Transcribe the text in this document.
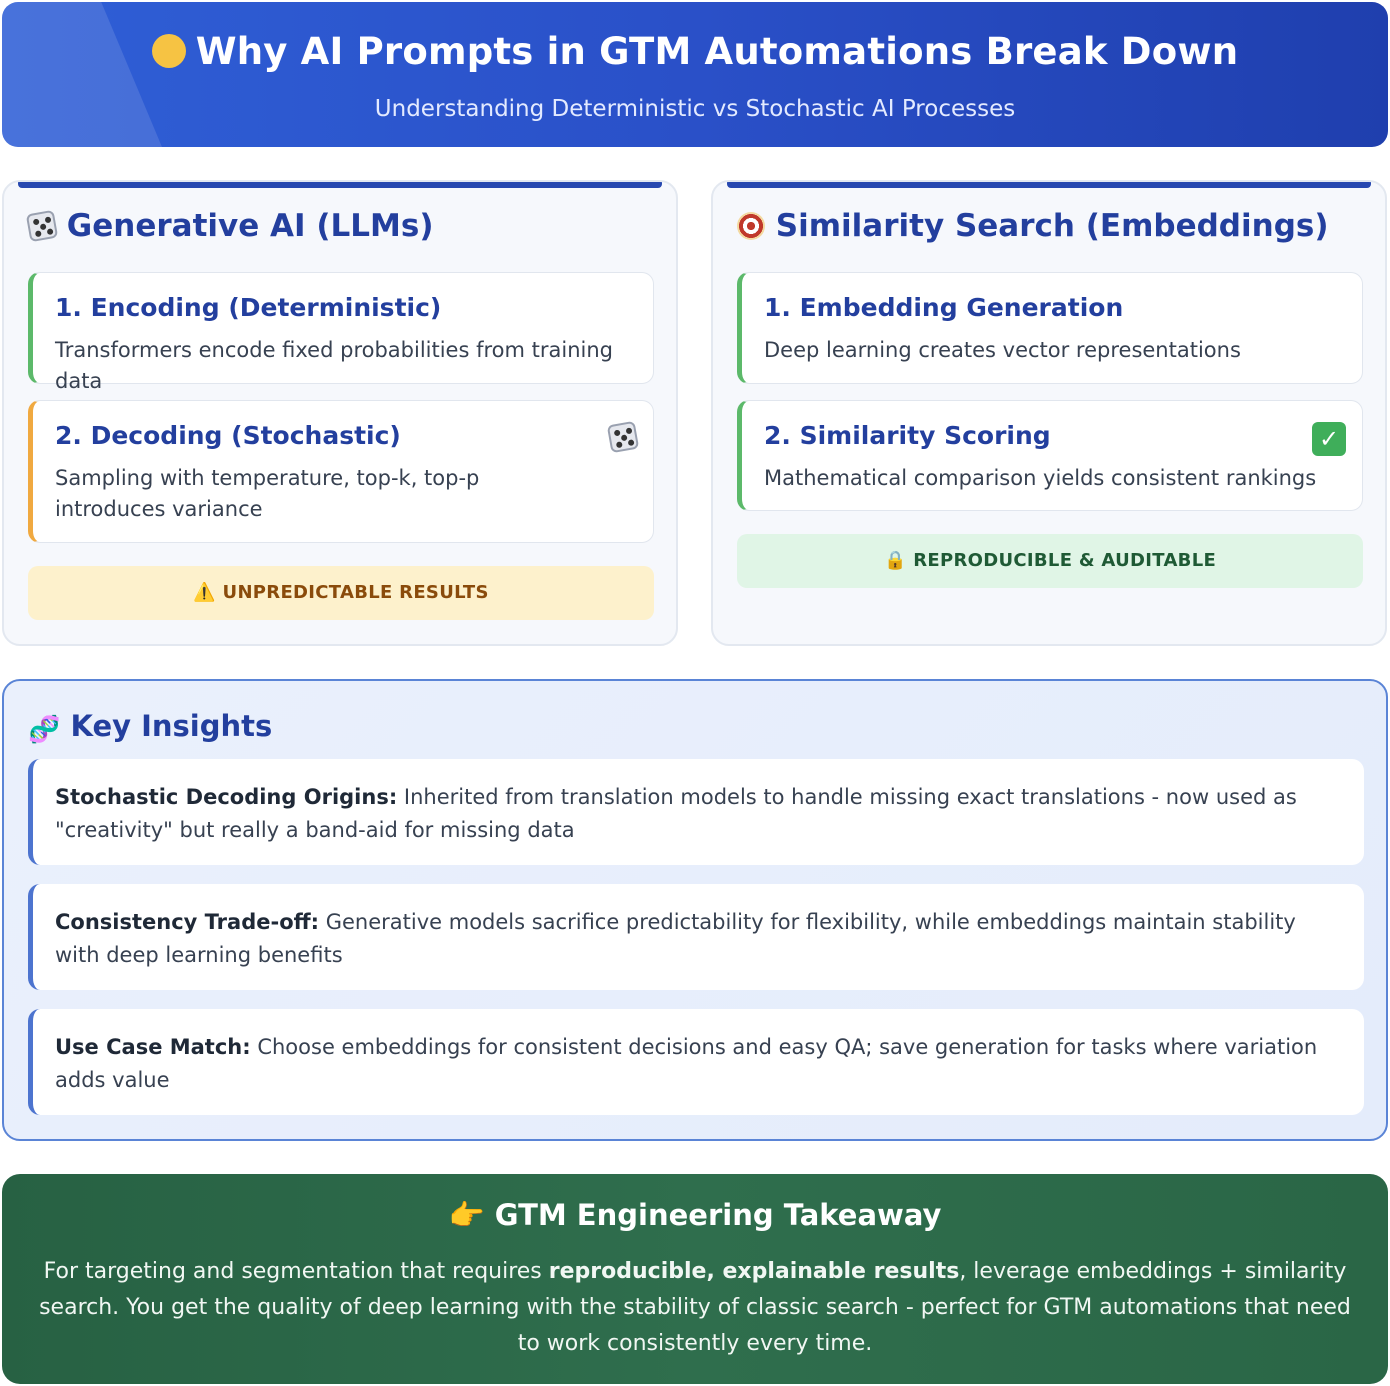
Why AI Prompts in GTM Automations Break Down
Understanding Deterministic vs Stochastic AI Processes
Generative AI (LLMs)
1. Encoding (Deterministic)
Transformers encode fixed probabilities from training data
2. Decoding (Stochastic)
Sampling with temperature, top-k, top-p introduces variance
⚠️ UNPREDICTABLE RESULTS
Similarity Search (Embeddings)
1. Embedding Generation
Deep learning creates vector representations
2. Similarity Scoring	✓
Mathematical comparison yields consistent rankings
🔒 REPRODUCIBLE & AUDITABLE
🧬 Key Insights

Stochastic Decoding Origins: Inherited from translation models to handle missing exact translations - now used as "creativity" but really a band-aid for missing data

Consistency Trade-off: Generative models sacrifice predictability for flexibility, while embeddings maintain stability with deep learning benefits

Use Case Match: Choose embeddings for consistent decisions and easy QA; save generation for tasks where variation adds value

👉 GTM Engineering Takeaway

For targeting and segmentation that requires reproducible, explainable results, leverage embeddings + similarity search. You get the quality of deep learning with the stability of classic search - perfect for GTM automations that need to work consistently every time.
